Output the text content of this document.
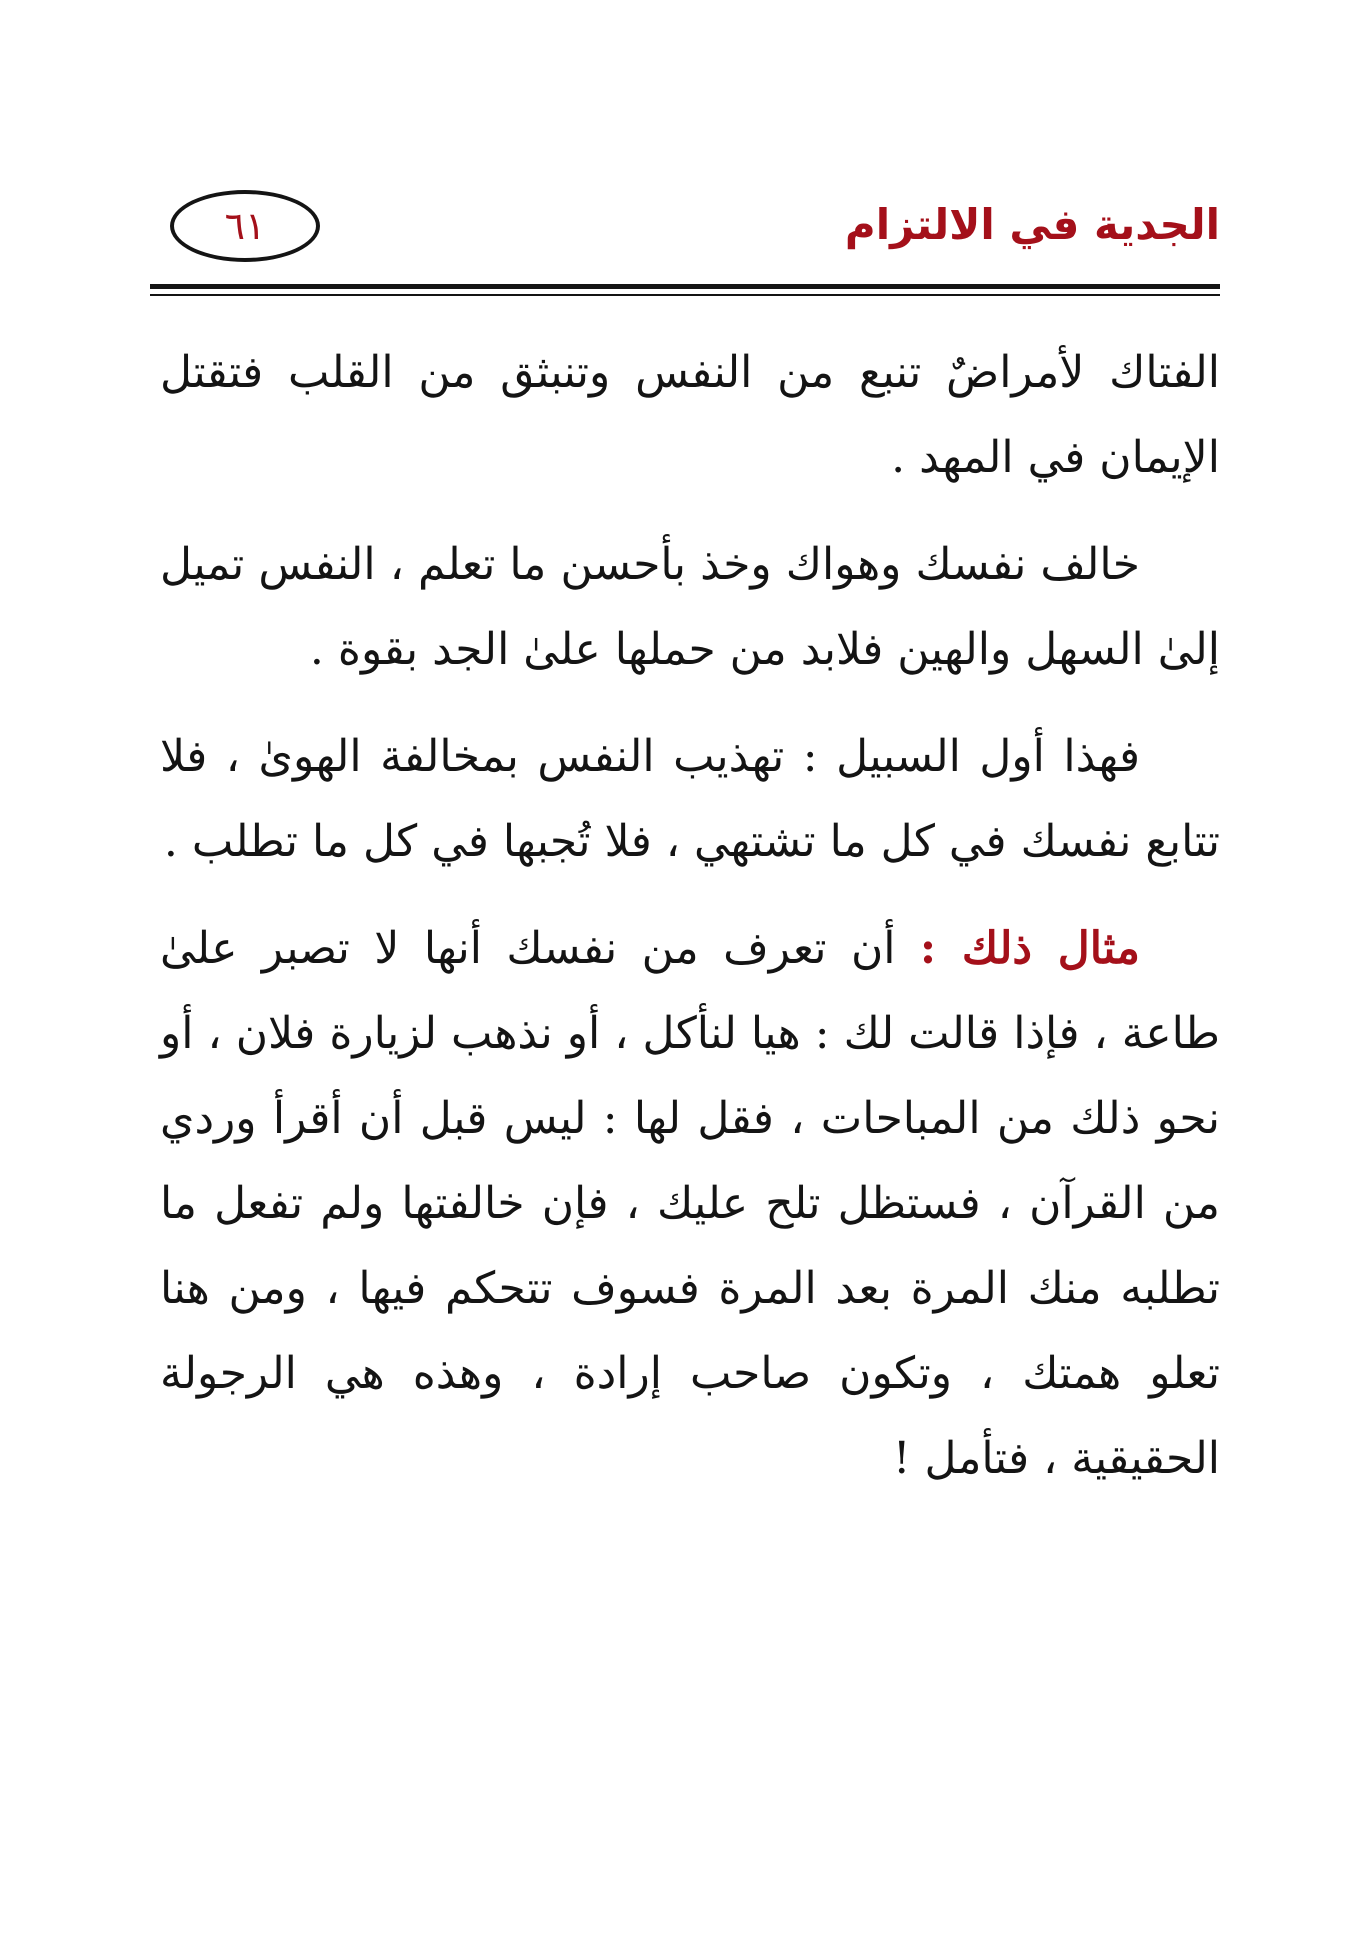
الجدية في الالتزام
٦١

الفتاك لأمراضٌ تنبع من النفس وتنبثق من القلب فتقتل الإيمان في المهد .

خالف نفسك وهواك وخذ بأحسن ما تعلم ، النفس تميل إلىٰ السهل والهين فلابد من حملها علىٰ الجد بقوة .

فهذا أول السبيل : تهذيب النفس بمخالفة الهوىٰ ، فلا تتابع نفسك في كل ما تشتهي ، فلا تُجبها في كل ما تطلب .

مثال ذلك : أن تعرف من نفسك أنها لا تصبر علىٰ طاعة ، فإذا قالت لك : هيا لنأكل ، أو نذهب لزيارة فلان ، أو نحو ذلك من المباحات ، فقل لها : ليس قبل أن أقرأ وردي من القرآن ، فستظل تلح عليك ، فإن خالفتها ولم تفعل ما تطلبه منك المرة بعد المرة فسوف تتحكم فيها ، ومن هنا تعلو همتك ، وتكون صاحب إرادة ، وهذه هي الرجولة الحقيقية ، فتأمل !
